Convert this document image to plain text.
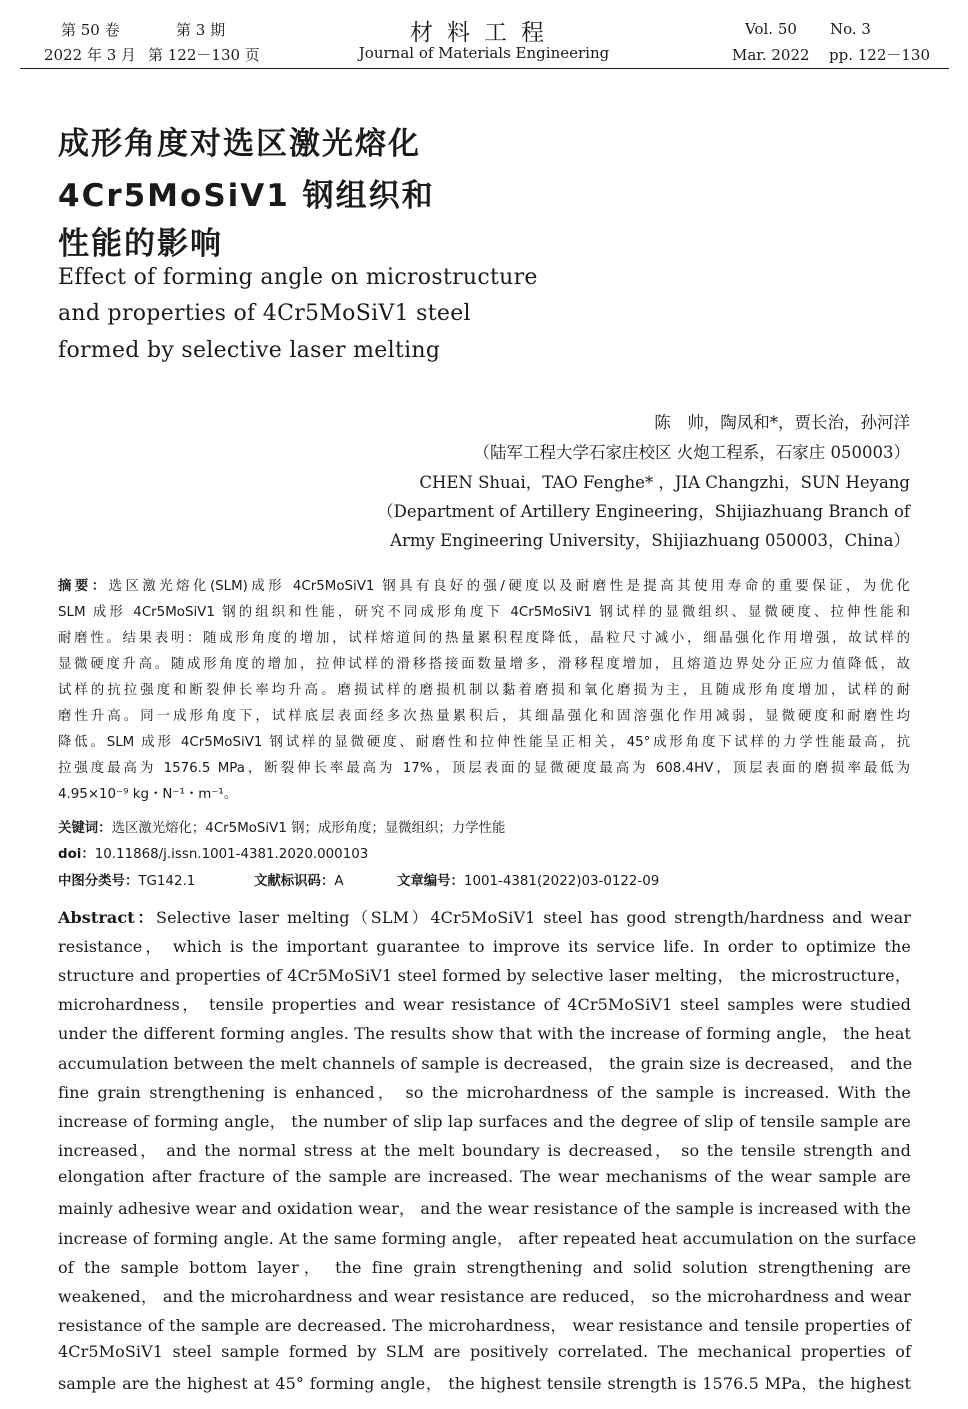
第 50 卷	第 3 期
2022 年 3 月 第 122－130 页
材料工程
Journal of Materials Engineering
Vol. 50 No. 3
Mar. 2022 pp. 122－130
成形角度对选区激光熔化
4Cr5MoSiV1 钢组织和
性能的影响
Effect of forming angle on microstructure
and properties of 4Cr5MoSiV1 steel
formed by selective laser melting
陈　帅，陶凤和*，贾长治，孙河洋
（陆军工程大学石家庄校区 火炮工程系，石家庄 050003）
CHEN Shuai，TAO Fenghe* ，JIA Changzhi，SUN Heyang
（Department of Artillery Engineering，Shijiazhuang Branch of
Army Engineering University，Shijiazhuang 050003，China）
摘要：选区激光熔化(SLM)成形 4Cr5MoSiV1 钢具有良好的强/硬度以及耐磨性是提高其使用寿命的重要保证，为优化
SLM 成形 4Cr5MoSiV1 钢的组织和性能，研究不同成形角度下 4Cr5MoSiV1 钢试样的显微组织、显微硬度、拉伸性能和
耐磨性。结果表明：随成形角度的增加，试样熔道间的热量累积程度降低，晶粒尺寸减小，细晶强化作用增强，故试样的
显微硬度升高。随成形角度的增加，拉伸试样的滑移搭接面数量增多，滑移程度增加，且熔道边界处分正应力值降低，故
试样的抗拉强度和断裂伸长率均升高。磨损试样的磨损机制以黏着磨损和氧化磨损为主，且随成形角度增加，试样的耐
磨性升高。同一成形角度下，试样底层表面经多次热量累积后，其细晶强化和固溶强化作用减弱，显微硬度和耐磨性均
降低。SLM 成形 4Cr5MoSiV1 钢试样的显微硬度、耐磨性和拉伸性能呈正相关，45°成形角度下试样的力学性能最高，抗
拉强度最高为 1576.5 MPa，断裂伸长率最高为 17%，顶层表面的显微硬度最高为 608.4HV，顶层表面的磨损率最低为
4.95×10⁻⁹ kg・N⁻¹・m⁻¹。
关键词：选区激光熔化；4Cr5MoSiV1 钢；成形角度；显微组织；力学性能
doi：10.11868/j.issn.1001-4381.2020.000103
中图分类号：TG142.1	文献标识码：A	文章编号：1001-4381(2022)03-0122-09
Abstract：Selective laser melting（SLM）4Cr5MoSiV1 steel has good strength/hardness and wear
resistance， which is the important guarantee to improve its service life. In order to optimize the
structure and properties of 4Cr5MoSiV1 steel formed by selective laser melting， the microstructure，
microhardness， tensile properties and wear resistance of 4Cr5MoSiV1 steel samples were studied
under the different forming angles. The results show that with the increase of forming angle， the heat
accumulation between the melt channels of sample is decreased， the grain size is decreased， and the
fine grain strengthening is enhanced， so the microhardness of the sample is increased. With the
increase of forming angle， the number of slip lap surfaces and the degree of slip of tensile sample are
increased， and the normal stress at the melt boundary is decreased， so the tensile strength and
elongation after fracture of the sample are increased. The wear mechanisms of the wear sample are
mainly adhesive wear and oxidation wear， and the wear resistance of the sample is increased with the
increase of forming angle. At the same forming angle， after repeated heat accumulation on the surface
of the sample bottom layer， the fine grain strengthening and solid solution strengthening are
weakened， and the microhardness and wear resistance are reduced， so the microhardness and wear
resistance of the sample are decreased. The microhardness， wear resistance and tensile properties of
4Cr5MoSiV1 steel sample formed by SLM are positively correlated. The mechanical properties of
sample are the highest at 45° forming angle， the highest tensile strength is 1576.5 MPa，the highest
